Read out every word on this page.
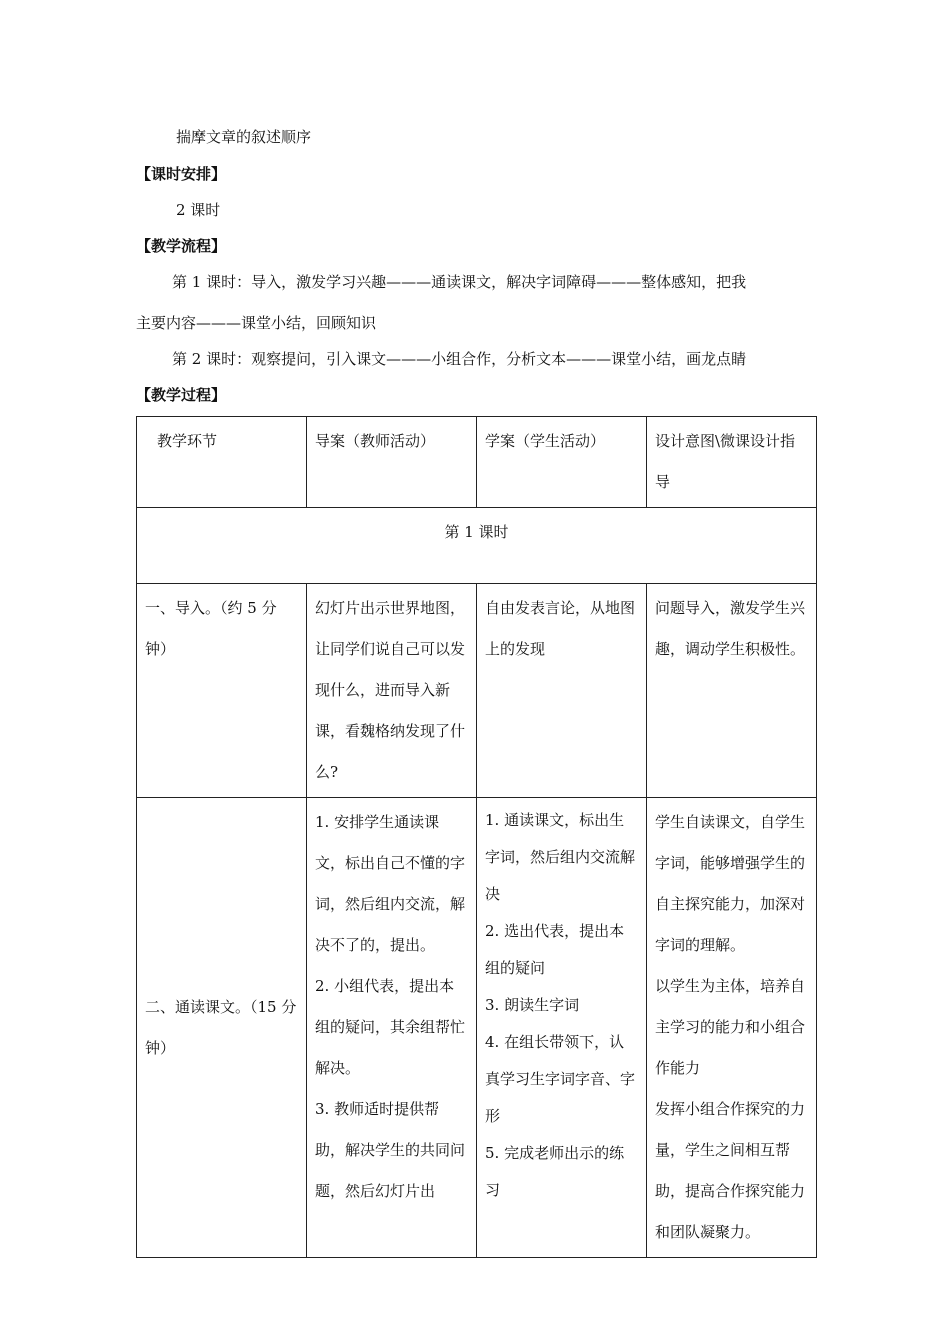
揣摩文章的叙述顺序
【课时安排】
2 课时
【教学流程】
第 1 课时：导入，激发学习兴趣———通读课文，解决字词障碍———整体感知，把我
主要内容———课堂小结，回顾知识
第 2 课时：观察提问，引入课文———小组合作，分析文本———课堂小结，画龙点睛
【教学过程】
教学环节	导案（教师活动）	学案（学生活动）	设计意图\微课设计指导
第 1 课时			
一、导入。（约 5 分钟）	幻灯片出示世界地图，让同学们说自己可以发现什么，进而导入新课，看魏格纳发现了什么?	自由发表言论，从地图上的发现	问题导入，激发学生兴趣，调动学生积极性。
二、通读课文。（15 分钟）	1. 安排学生通读课文，标出自己不懂的字词，然后组内交流，解决不了的，提出。
2. 小组代表，提出本组的疑问，其余组帮忙解决。
3. 教师适时提供帮助，解决学生的共同问题，然后幻灯片出	1. 通读课文，标出生字词，然后组内交流解决
2. 选出代表，提出本组的疑问
3. 朗读生字词
4. 在组长带领下，认真学习生字词字音、字形
5. 完成老师出示的练习	学生自读课文，自学生字词，能够增强学生的自主探究能力，加深对字词的理解。
以学生为主体，培养自主学习的能力和小组合作能力
发挥小组合作探究的力量，学生之间相互帮助，提高合作探究能力和团队凝聚力。
